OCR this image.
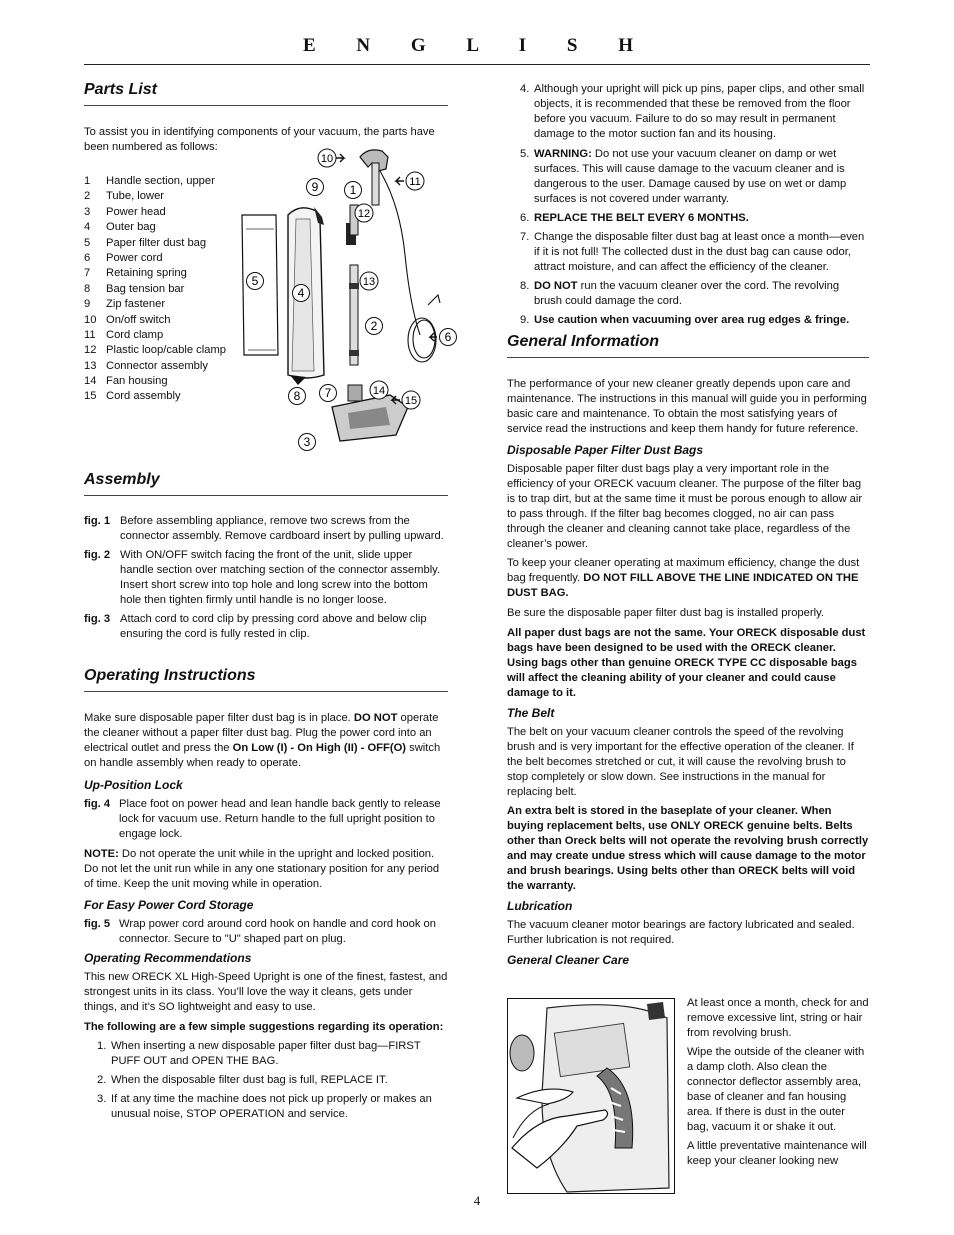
E N G L I S H
Parts List

To assist you in identifying components of your vacuum, the parts have been numbered as follows:

1	Handle section, upper
2	Tube, lower
3	Power head
4	Outer bag
5	Paper filter dust bag
6	Power cord
7	Retaining spring
8	Bag tension bar
9	Zip fastener
10 On/off switch
11 Cord clamp
12 Plastic loop/cable clamp
13 Connector assembly
14 Fan housing
15 Cord assembly
1
2
3
4
5
6
7
8
9
10
11
12
13
14
15
Assembly
fig. 1 Before assembling appliance, remove two screws from the connector assembly. Remove cardboard insert by pulling upward.
fig. 2 With ON/OFF switch facing the front of the unit, slide upper handle section over matching section of the connector assembly. Insert short screw into top hole and long screw into the bottom hole then tighten firmly until handle is no longer loose.
fig. 3 Attach cord to cord clip by pressing cord above and below clip ensuring the cord is fully rested in clip.
Operating Instructions

Make sure disposable paper filter dust bag is in place. DO NOT operate the cleaner without a paper filter dust bag. Plug the power cord into an electrical outlet and press the On Low (I) - On High (II) - OFF(O) switch on handle assembly when ready to operate.

Up-Position Lock
fig. 4 Place foot on power head and lean handle back gently to release lock for vacuum use. Return handle to the full upright position to engage lock.

NOTE: Do not operate the unit while in the upright and locked position. Do not let the unit run while in any one stationary position for any period of time. Keep the unit moving while in operation.

For Easy Power Cord Storage
fig. 5 Wrap power cord around cord hook on handle and cord hook on connector. Secure to "U" shaped part on plug.
Operating Recommendations

This new ORECK XL High-Speed Upright is one of the finest, fastest, and strongest units in its class. You’ll love the way it cleans, gets under things, and it’s SO lightweight and easy to use.

The following are a few simple suggestions regarding its operation:

1. When inserting a new disposable paper filter dust bag—FIRST PUFF OUT and OPEN THE BAG.
2. When the disposable filter dust bag is full, REPLACE IT.
3. If at any time the machine does not pick up properly or makes an unusual noise, STOP OPERATION and service.
4. Although your upright will pick up pins, paper clips, and other small objects, it is recommended that these be removed from the floor before you vacuum. Failure to do so may result in permanent damage to the motor suction fan and its housing.
5. WARNING: Do not use your vacuum cleaner on damp or wet surfaces. This will cause damage to the vacuum cleaner and is dangerous to the user. Damage caused by use on wet or damp surfaces is not covered under warranty.
6. REPLACE THE BELT EVERY 6 MONTHS.
7. Change the disposable filter dust bag at least once a month—even if it is not full! The collected dust in the dust bag can cause odor, attract moisture, and can affect the efficiency of the cleaner.
8. DO NOT run the vacuum cleaner over the cord. The revolving brush could damage the cord.
9. Use caution when vacuuming over area rug edges & fringe.
General Information

The performance of your new cleaner greatly depends upon care and maintenance. The instructions in this manual will guide you in performing basic care and maintenance. To obtain the most satisfying years of service read the instructions and keep them handy for future reference.

Disposable Paper Filter Dust Bags

Disposable paper filter dust bags play a very important role in the efficiency of your ORECK vacuum cleaner. The purpose of the filter bag is to trap dirt, but at the same time it must be porous enough to allow air to pass through. If the filter bag becomes clogged, no air can pass through the cleaner and cleaning cannot take place, regardless of the cleaner’s power.

To keep your cleaner operating at maximum efficiency, change the dust bag frequently. DO NOT FILL ABOVE THE LINE INDICATED ON THE DUST BAG.

Be sure the disposable paper filter dust bag is installed properly.

All paper dust bags are not the same. Your ORECK disposable dust bags have been designed to be used with the ORECK cleaner. Using bags other than genuine ORECK TYPE CC disposable bags will affect the cleaning ability of your cleaner and could cause damage to it.

The Belt

The belt on your vacuum cleaner controls the speed of the revolving brush and is very important for the effective operation of the cleaner. If the belt becomes stretched or cut, it will cause the revolving brush to stop completely or slow down. See instructions in the manual for replacing belt.

An extra belt is stored in the baseplate of your cleaner. When buying replacement belts, use ONLY ORECK genuine belts. Belts other than Oreck belts will not operate the revolving brush correctly and may create undue stress which will cause damage to the motor and brush bearings. Using belts other than ORECK belts will void the warranty.

Lubrication

The vacuum cleaner motor bearings are factory lubricated and sealed. Further lubrication is not required.

General Cleaner Care

At least once a month, check for and remove excessive lint, string or hair from revolving brush.

Wipe the outside of the cleaner with a damp cloth. Also clean the connector deflector assembly area, base of cleaner and fan housing area. If there is dust in the outer bag, vacuum it or shake it out.

A little preventative maintenance will keep your cleaner looking new

4
